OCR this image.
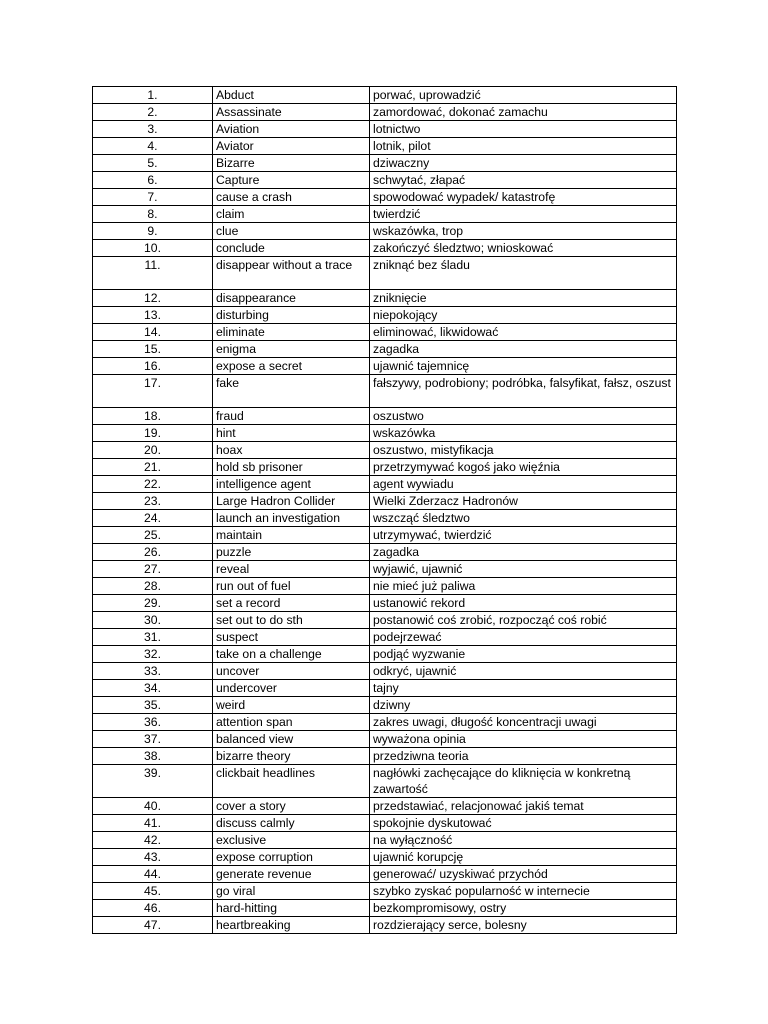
1.	Abduct	porwać, uprowadzić
2.	Assassinate	zamordować, dokonać zamachu
3.	Aviation	lotnictwo
4.	Aviator	lotnik, pilot
5.	Bizarre	dziwaczny
6.	Capture	schwytać, złapać
7.	cause a crash	spowodować wypadek/ katastrofę
8.	claim	twierdzić
9.	clue	wskazówka, trop
10.	conclude	zakończyć śledztwo; wnioskować
11.	disappear without a trace	zniknąć bez śladu
12.	disappearance	zniknięcie
13.	disturbing	niepokojący
14.	eliminate	eliminować, likwidować
15.	enigma	zagadka
16.	expose a secret	ujawnić tajemnicę
17.	fake	fałszywy, podrobiony; podróbka, falsyfikat, fałsz, oszust
18.	fraud	oszustwo
19.	hint	wskazówka
20.	hoax	oszustwo, mistyfikacja
21.	hold sb prisoner	przetrzymywać kogoś jako więźnia
22.	intelligence agent	agent wywiadu
23.	Large Hadron Collider	Wielki Zderzacz Hadronów
24.	launch an investigation	wszcząć śledztwo
25.	maintain	utrzymywać, twierdzić
26.	puzzle	zagadka
27.	reveal	wyjawić, ujawnić
28.	run out of fuel	nie mieć już paliwa
29.	set a record	ustanowić rekord
30.	set out to do sth	postanowić coś zrobić, rozpocząć coś robić
31.	suspect	podejrzewać
32.	take on a challenge	podjąć wyzwanie
33.	uncover	odkryć, ujawnić
34.	undercover	tajny
35.	weird	dziwny
36.	attention span	zakres uwagi, długość koncentracji uwagi
37.	balanced view	wyważona opinia
38.	bizarre theory	przedziwna teoria
39.	clickbait headlines	nagłówki zachęcające do kliknięcia w konkretną zawartość
40.	cover a story	przedstawiać, relacjonować jakiś temat
41.	discuss calmly	spokojnie dyskutować
42.	exclusive	na wyłączność
43.	expose corruption	ujawnić korupcję
44.	generate revenue	generować/ uzyskiwać przychód
45.	go viral	szybko zyskać popularność w internecie
46.	hard-hitting	bezkompromisowy, ostry
47.	heartbreaking	rozdzierający serce, bolesny
